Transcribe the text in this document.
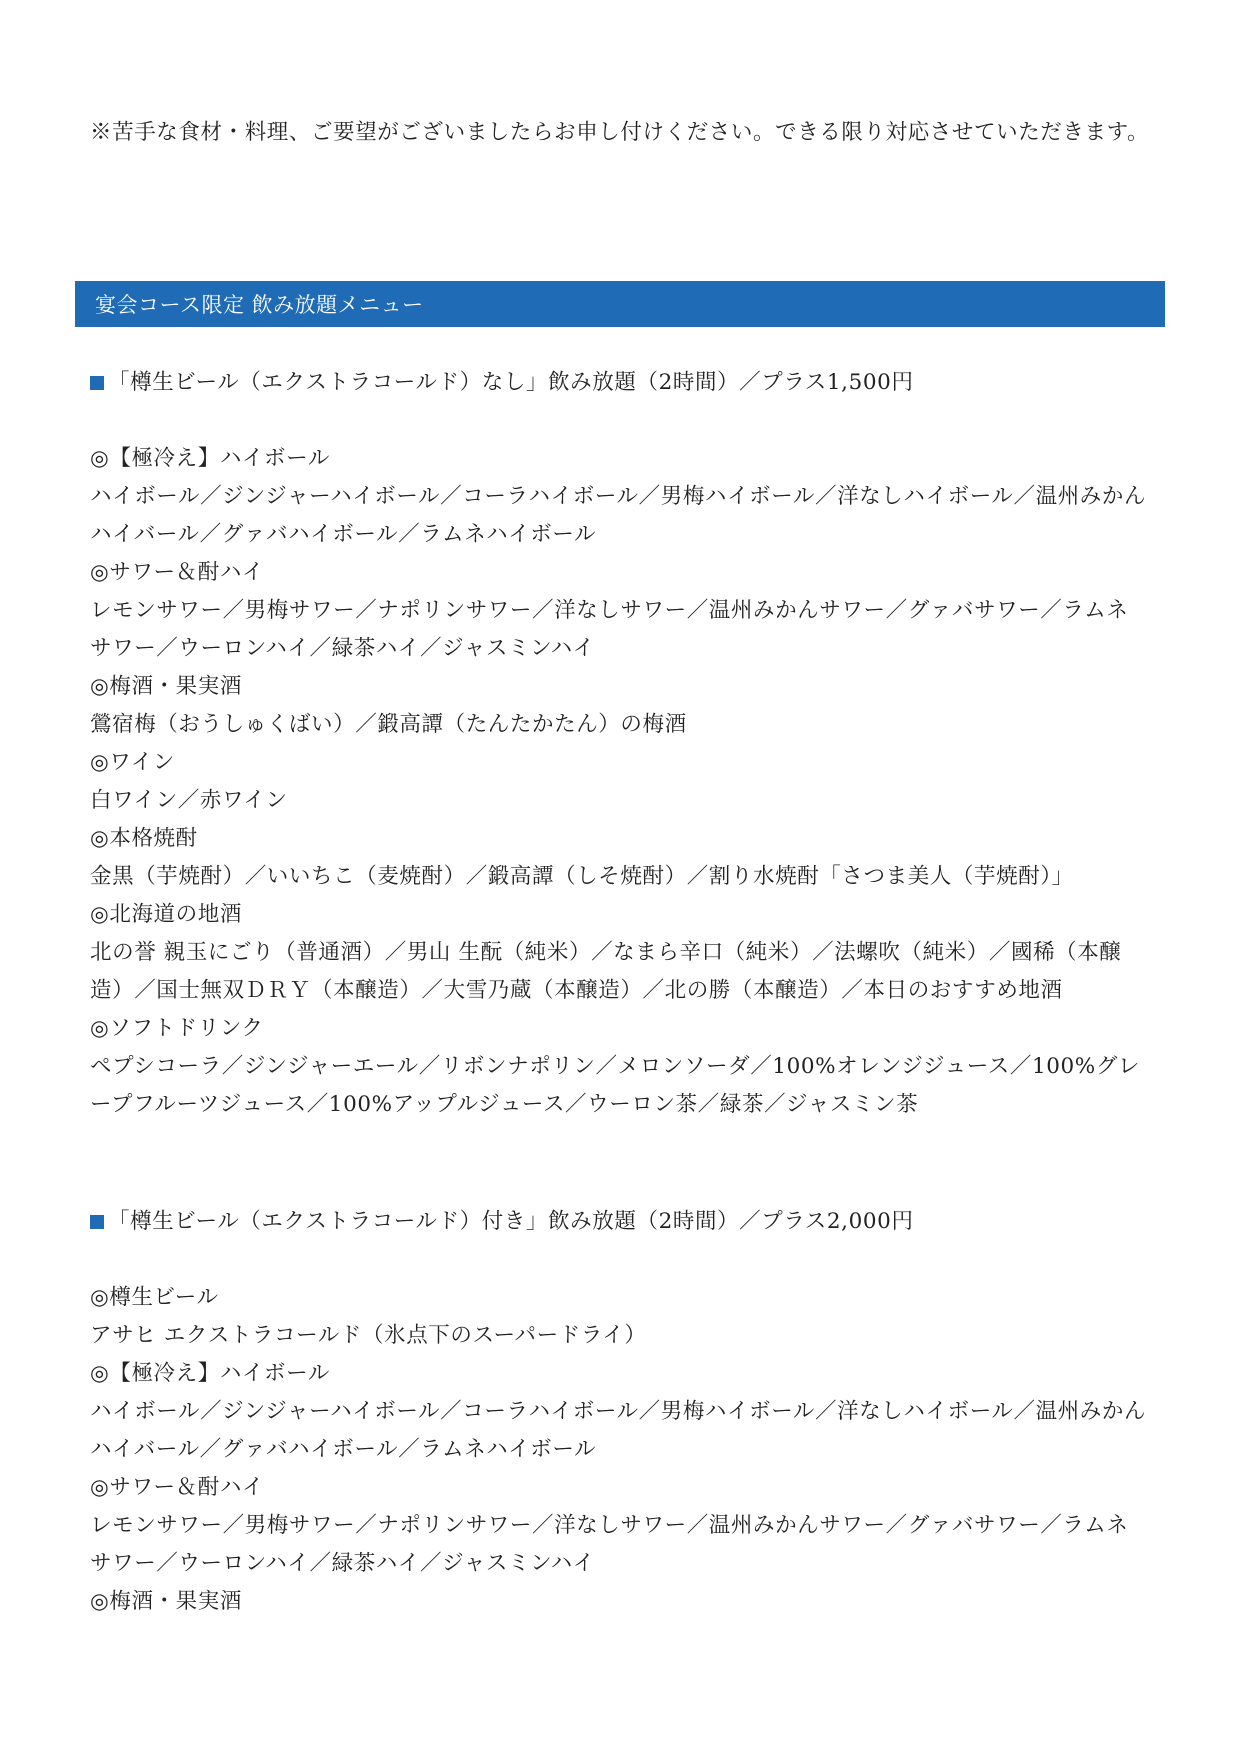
※苦手な食材・料理、ご要望がございましたらお申し付けください。できる限り対応させていただきます。

宴会コース限定 飲み放題メニュー
「樽生ビール（エクストラコールド）なし」飲み放題（2時間）／プラス1,500円

◎【極冷え】ハイボール

ハイボール／ジンジャーハイボール／コーラハイボール／男梅ハイボール／洋なしハイボール／温州みかんハイバール／グァバハイボール／ラムネハイボール

◎サワー＆酎ハイ

レモンサワー／男梅サワー／ナポリンサワー／洋なしサワー／温州みかんサワー／グァバサワー／ラムネサワー／ウーロンハイ／緑茶ハイ／ジャスミンハイ

◎梅酒・果実酒

鶯宿梅（おうしゅくばい）／鍛高譚（たんたかたん）の梅酒

◎ワイン

白ワイン／赤ワイン

◎本格焼酎

金黒（芋焼酎）／いいちこ（麦焼酎）／鍛高譚（しそ焼酎）／割り水焼酎「さつま美人（芋焼酎）」

◎北海道の地酒

北の誉 親玉にごり（普通酒）／男山 生酛（純米）／なまら辛口（純米）／法螺吹（純米）／國稀（本醸造）／国士無双ＤＲＹ（本醸造）／大雪乃蔵（本醸造）／北の勝（本醸造）／本日のおすすめ地酒

◎ソフトドリンク

ペプシコーラ／ジンジャーエール／リボンナポリン／メロンソーダ／100%オレンジジュース／100%グレープフルーツジュース／100%アップルジュース／ウーロン茶／緑茶／ジャスミン茶

「樽生ビール（エクストラコールド）付き」飲み放題（2時間）／プラス2,000円

◎樽生ビール

アサヒ エクストラコールド（氷点下のスーパードライ）

◎【極冷え】ハイボール

ハイボール／ジンジャーハイボール／コーラハイボール／男梅ハイボール／洋なしハイボール／温州みかんハイバール／グァバハイボール／ラムネハイボール

◎サワー＆酎ハイ

レモンサワー／男梅サワー／ナポリンサワー／洋なしサワー／温州みかんサワー／グァバサワー／ラムネサワー／ウーロンハイ／緑茶ハイ／ジャスミンハイ

◎梅酒・果実酒
